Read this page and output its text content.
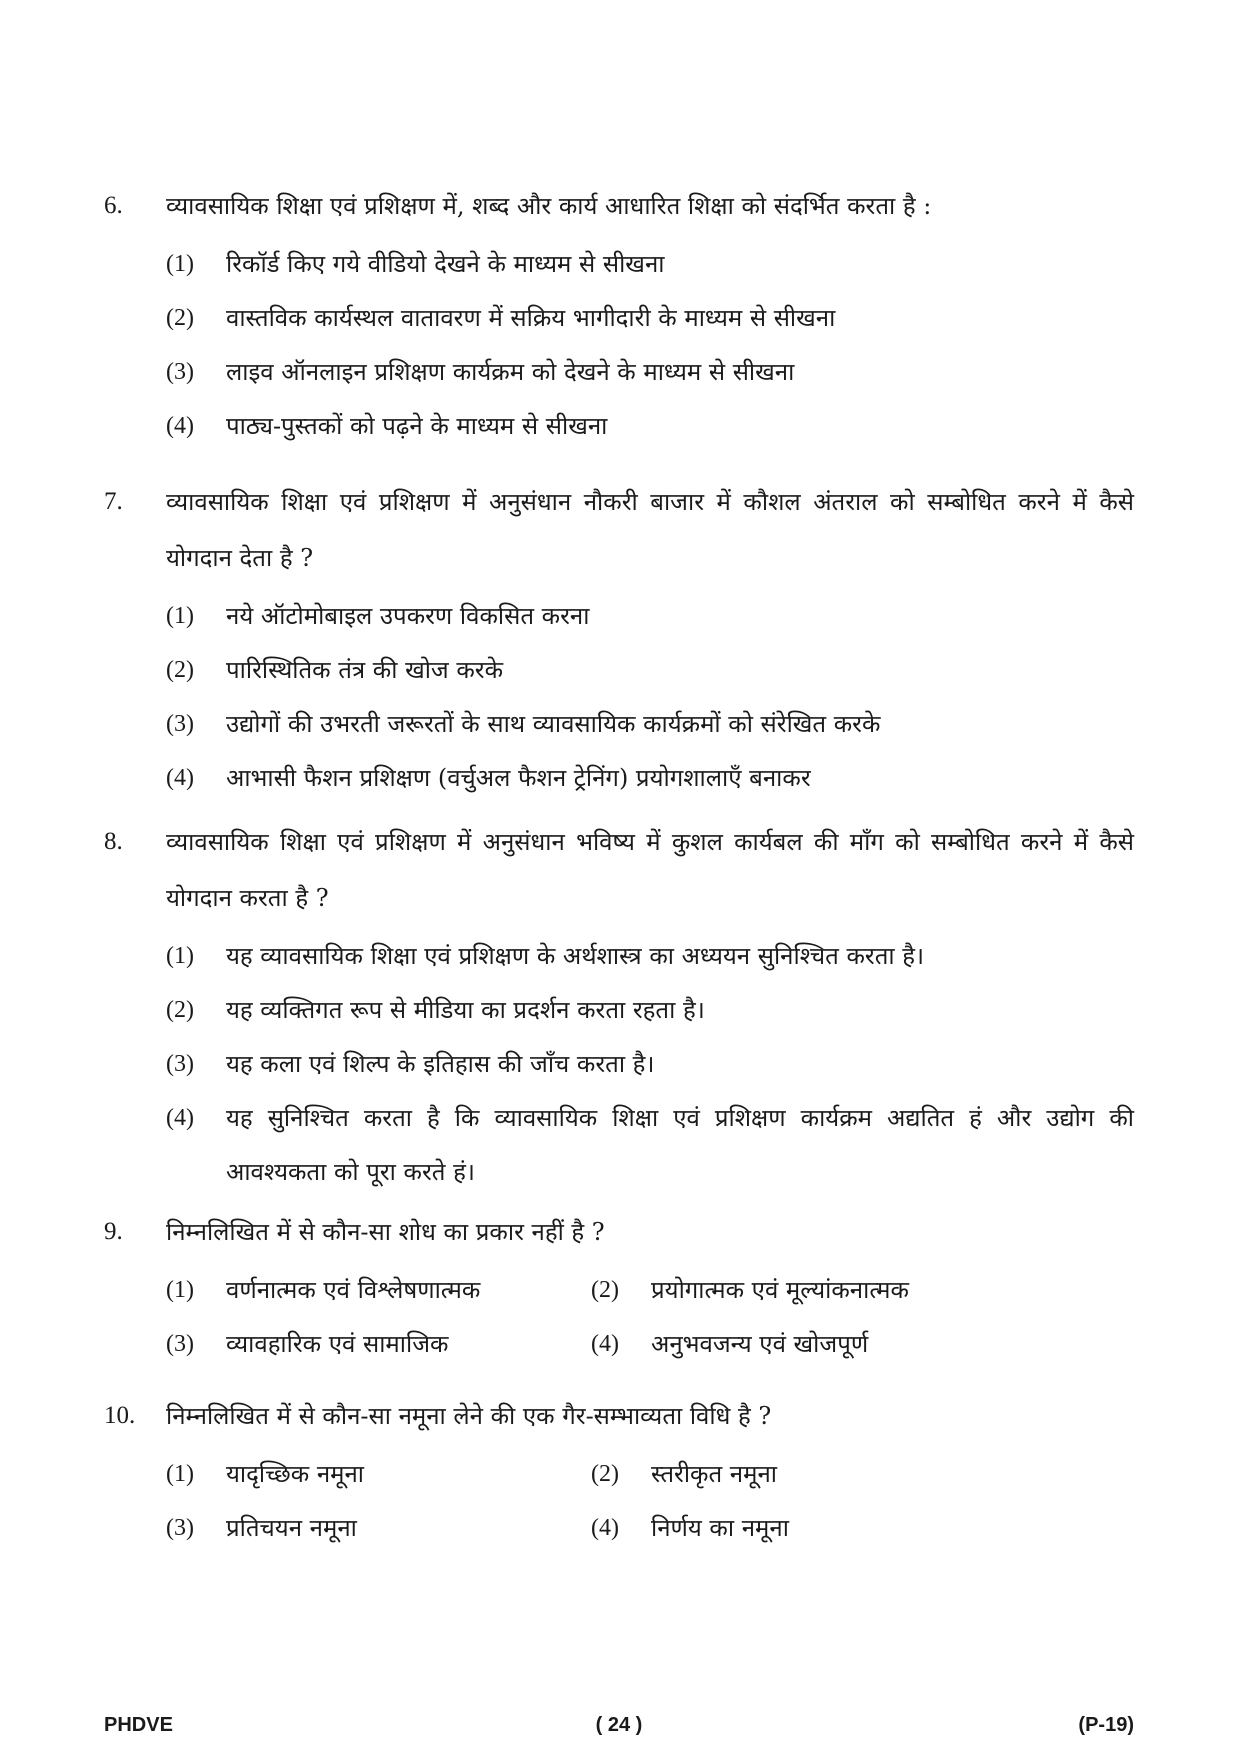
6.	व्यावसायिक शिक्षा एवं प्रशिक्षण में, शब्द और कार्य आधारित शिक्षा को संदर्भित करता है :
(1)	रिकॉर्ड किए गये वीडियो देखने के माध्यम से सीखना
(2)	वास्तविक कार्यस्थल वातावरण में सक्रिय भागीदारी के माध्यम से सीखना
(3)	लाइव ऑनलाइन प्रशिक्षण कार्यक्रम को देखने के माध्यम से सीखना
(4)	पाठ्य-पुस्तकों को पढ़ने के माध्यम से सीखना
7.	व्यावसायिक शिक्षा एवं प्रशिक्षण में अनुसंधान नौकरी बाजार में कौशल अंतराल को सम्बोधित करने में कैसे योगदान देता है ?
(1)	नये ऑटोमोबाइल उपकरण विकसित करना
(2)	पारिस्थितिक तंत्र की खोज करके
(3)	उद्योगों की उभरती जरूरतों के साथ व्यावसायिक कार्यक्रमों को संरेखित करके
(4)	आभासी फैशन प्रशिक्षण (वर्चुअल फैशन ट्रेनिंग) प्रयोगशालाएँ बनाकर
8.	व्यावसायिक शिक्षा एवं प्रशिक्षण में अनुसंधान भविष्य में कुशल कार्यबल की माँग को सम्बोधित करने में कैसे योगदान करता है ?
(1)	यह व्यावसायिक शिक्षा एवं प्रशिक्षण के अर्थशास्त्र का अध्ययन सुनिश्चित करता है।
(2)	यह व्यक्तिगत रूप से मीडिया का प्रदर्शन करता रहता है।
(3)	यह कला एवं शिल्प के इतिहास की जाँच करता है।
(4)	यह सुनिश्चित करता है कि व्यावसायिक शिक्षा एवं प्रशिक्षण कार्यक्रम अद्यतित हं और उद्योग की आवश्यकता को पूरा करते हं।
9.	निम्नलिखित में से कौन-सा शोध का प्रकार नहीं है ?
(1)	वर्णनात्मक एवं विश्लेषणात्मक	(2)	प्रयोगात्मक एवं मूल्यांकनात्मक
(3)	व्यावहारिक एवं सामाजिक	(4)	अनुभवजन्य एवं खोजपूर्ण
10.	निम्नलिखित में से कौन-सा नमूना लेने की एक गैर-सम्भाव्यता विधि है ?
(1)	यादृच्छिक नमूना	(2)	स्तरीकृत नमूना
(3)	प्रतिचयन नमूना	(4)	निर्णय का नमूना
PHDVE	( 24 )	(P-19)
